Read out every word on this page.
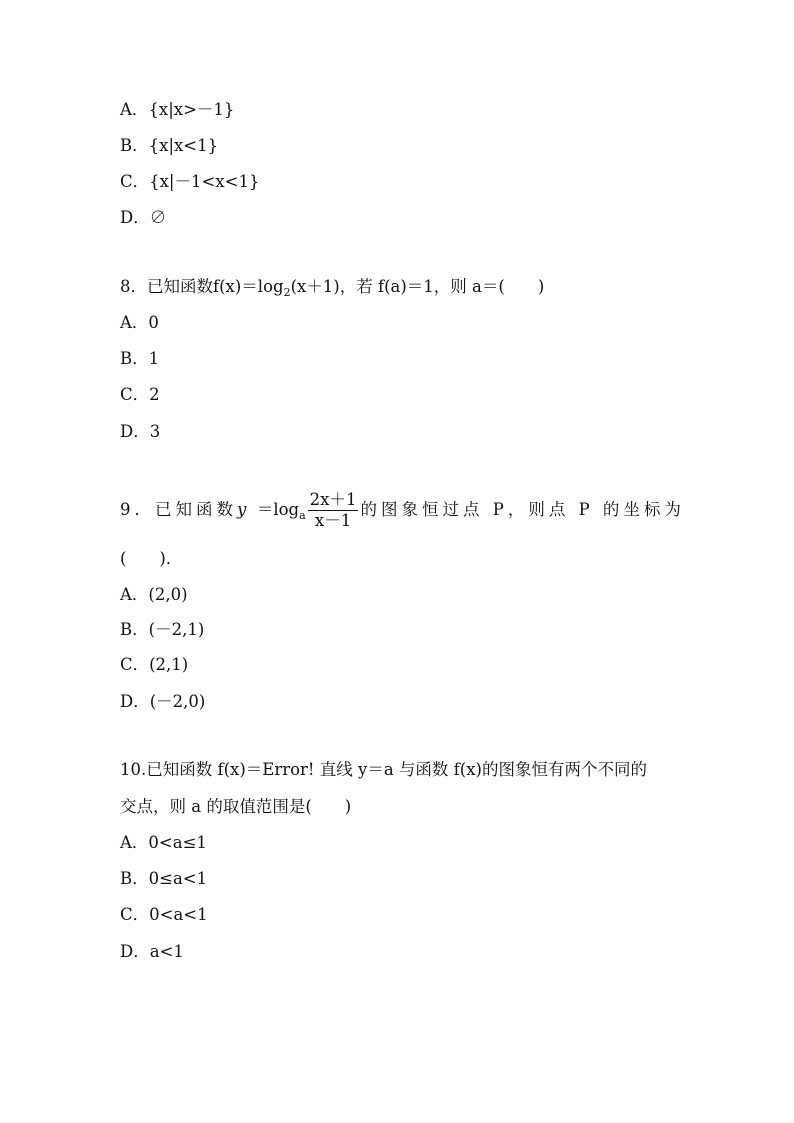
A．{x|x>－1}
B．{x|x<1}
C．{x|－1<x<1}
D．∅
8．已知函数$f(x)=\log_2(x+1)$，若 f(a)＝1，则 a＝(　　)
A．0
B．1
C．2
D．3
9．已知函数$y =\log_a \frac{2x+1}{x-1}$ 的图象恒过点 P，则点 P 的坐标为
(　　)．
A．(2,0)
B．(－2,1)
C．(2,1)
D．(－2,0)
10.已知函数 f(x)＝Error! 直线 y＝a 与函数 f(x)的图象恒有两个不同的
交点，则 a 的取值范围是(　　)
A．0<a≤1
B．0≤a<1
C．0<a<1
D．a<1
